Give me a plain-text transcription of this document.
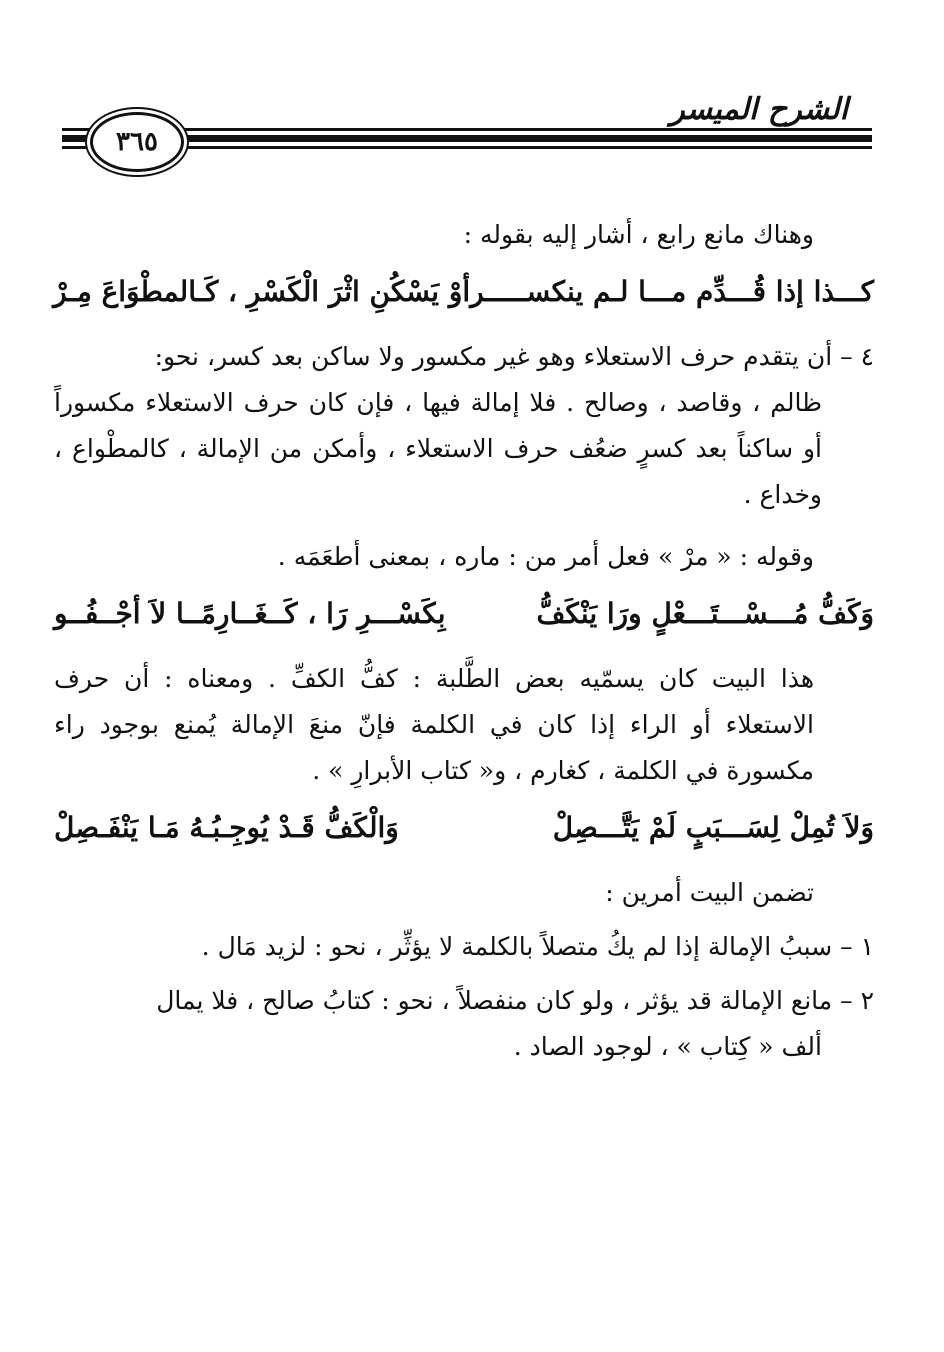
الشرح الميسر
٣٦٥

وهناك مانع رابع ، أشار إليه بقوله :

كـــذا إذا قُـــدِّم مـــا لـم ينكســـــر
أوْ يَسْكُنِ اثْرَ الْكَسْرِ ، كَـالمطْوَاعَ مِـرْ

٤ – أن يتقدم حرف الاستعلاء وهو غير مكسور ولا ساكن بعد كسر، نحو:

ظالم ، وقاصد ، وصالح . فلا إمالة فيها ، فإن كان حرف الاستعلاء مكسوراً أو ساكناً بعد كسرٍ ضعُف حرف الاستعلاء ، وأمكن من الإمالة ، كالمطْواع ، وخداع .

وقوله : « مرْ » فعل أمر من : ماره ، بمعنى أطعَمَه .

وَكَفُّ مُـــسْـــتَـــعْلٍ ورَا يَنْكَفُّ
بِكَسْـــرِ رَا ، كَــغَــارِمًــا لاَ أجْــفُــو

هذا البيت كان يسمّيه بعض الطَّلبة : كفُّ الكفِّ . ومعناه : أن حرف الاستعلاء أو الراء إذا كان في الكلمة فإنّ منعَ الإمالة يُمنع بوجود راء مكسورة في الكلمة ، كغارم ، و« كتاب الأبرارِ » .

وَلاَ تُمِلْ لِسَـــبَبٍ لَمْ يَتَّـــصِلْ
وَالْكَفُّ قَـدْ يُوجِـبُـهُ مَـا يَنْفَـصِلْ

تضمن البيت أمرين :

١ – سببُ الإمالة إذا لم يكُ متصلاً بالكلمة لا يؤثِّر ، نحو : لزيد مَال .

٢ – مانع الإمالة قد يؤثر ، ولو كان منفصلاً ، نحو : كتابُ صالح ، فلا يمال

ألف « كِتاب » ، لوجود الصاد .
